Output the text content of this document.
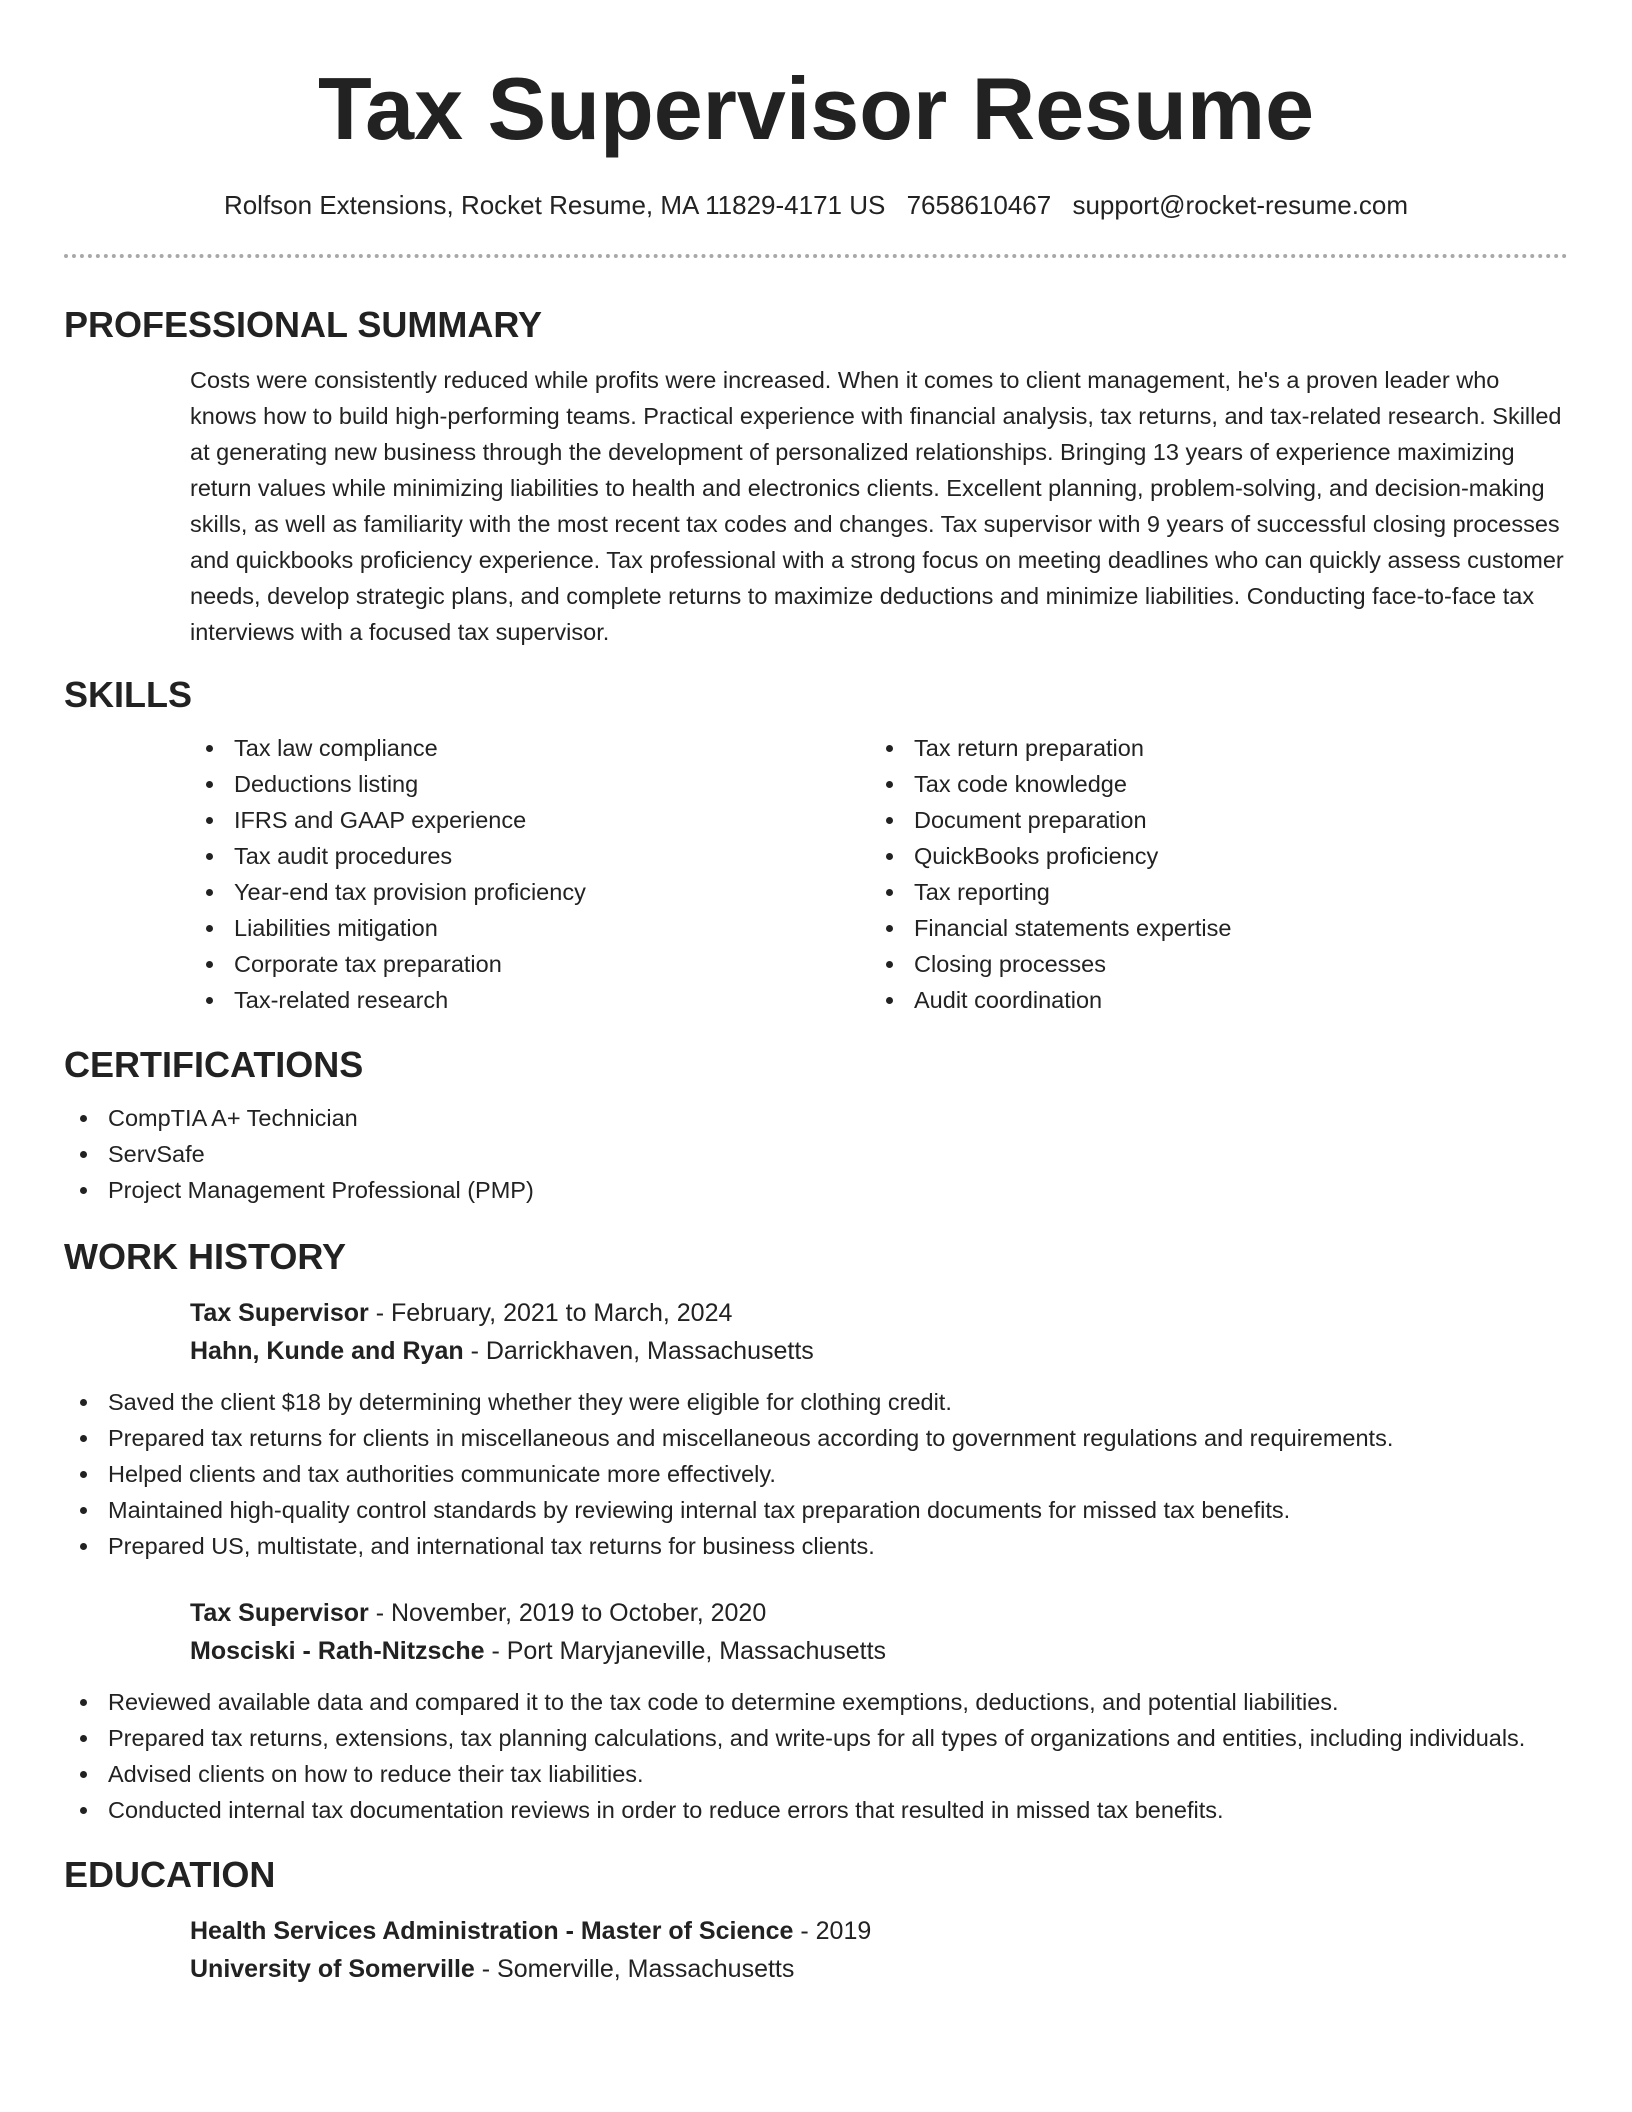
Tax Supervisor Resume
Rolfson Extensions, Rocket Resume, MA 11829-4171 US 7658610467 support@rocket-resume.com
PROFESSIONAL SUMMARY

Costs were consistently reduced while profits were increased. When it comes to client management, he's a proven leader who knows how to build high-performing teams. Practical experience with financial analysis, tax returns, and tax-related research. Skilled at generating new business through the development of personalized relationships. Bringing 13 years of experience maximizing return values while minimizing liabilities to health and electronics clients. Excellent planning, problem-solving, and decision-making skills, as well as familiarity with the most recent tax codes and changes. Tax supervisor with 9 years of successful closing processes and quickbooks proficiency experience. Tax professional with a strong focus on meeting deadlines who can quickly assess customer needs, develop strategic plans, and complete returns to maximize deductions and minimize liabilities. Conducting face-to-face tax interviews with a focused tax supervisor.

SKILLS
Tax law compliance
Deductions listing
IFRS and GAAP experience
Tax audit procedures
Year-end tax provision proficiency
Liabilities mitigation
Corporate tax preparation
Tax-related research
Tax return preparation
Tax code knowledge
Document preparation
QuickBooks proficiency
Tax reporting
Financial statements expertise
Closing processes
Audit coordination
CERTIFICATIONS
CompTIA A+ Technician
ServSafe
Project Management Professional (PMP)
WORK HISTORY
Tax Supervisor - February, 2021 to March, 2024
Hahn, Kunde and Ryan - Darrickhaven, Massachusetts
Saved the client $18 by determining whether they were eligible for clothing credit.
Prepared tax returns for clients in miscellaneous and miscellaneous according to government regulations and requirements.
Helped clients and tax authorities communicate more effectively.
Maintained high-quality control standards by reviewing internal tax preparation documents for missed tax benefits.
Prepared US, multistate, and international tax returns for business clients.
Tax Supervisor - November, 2019 to October, 2020
Mosciski - Rath-Nitzsche - Port Maryjaneville, Massachusetts
Reviewed available data and compared it to the tax code to determine exemptions, deductions, and potential liabilities.
Prepared tax returns, extensions, tax planning calculations, and write-ups for all types of organizations and entities, including individuals.
Advised clients on how to reduce their tax liabilities.
Conducted internal tax documentation reviews in order to reduce errors that resulted in missed tax benefits.
EDUCATION
Health Services Administration - Master of Science - 2019
University of Somerville - Somerville, Massachusetts
